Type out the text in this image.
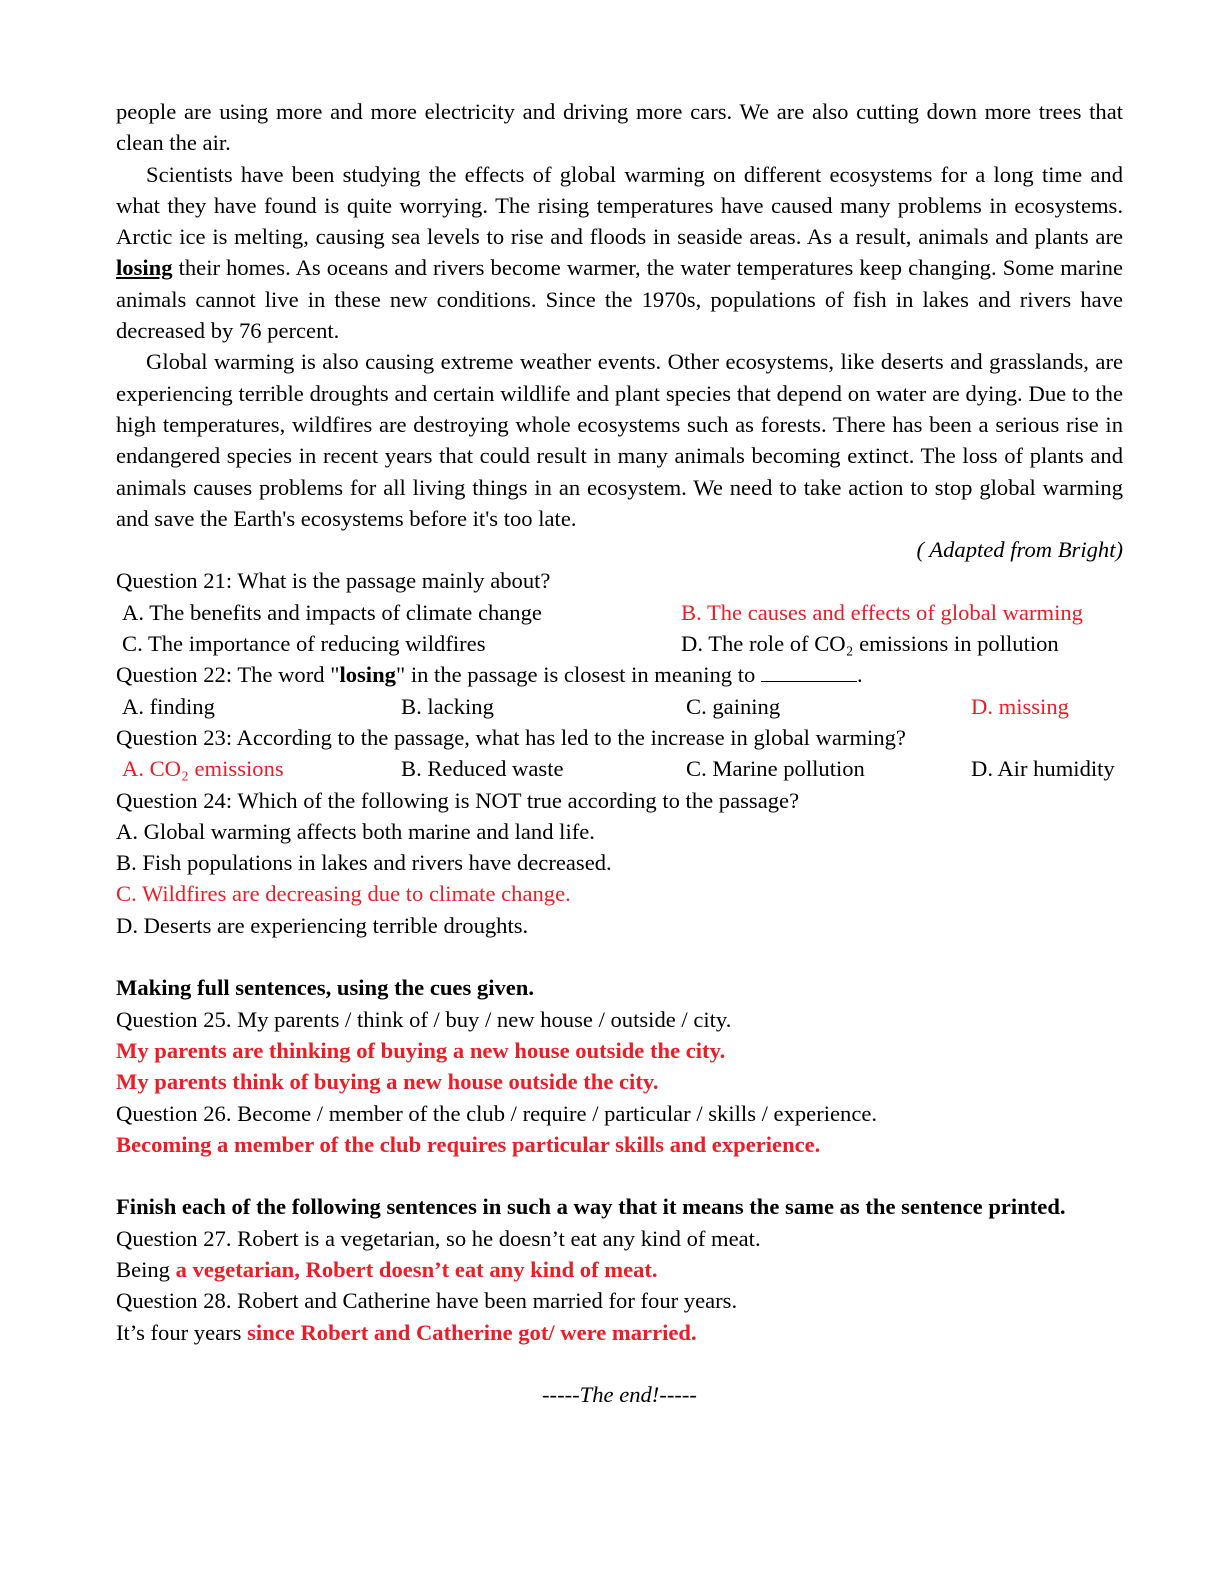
people are using more and more electricity and driving more cars. We are also cutting down more trees that clean the air.

Scientists have been studying the effects of global warming on different ecosystems for a long time and what they have found is quite worrying. The rising temperatures have caused many problems in ecosystems. Arctic ice is melting, causing sea levels to rise and floods in seaside areas. As a result, animals and plants are losing their homes. As oceans and rivers become warmer, the water temperatures keep changing. Some marine animals cannot live in these new conditions. Since the 1970s, populations of fish in lakes and rivers have decreased by 76 percent.

Global warming is also causing extreme weather events. Other ecosystems, like deserts and grasslands, are experiencing terrible droughts and certain wildlife and plant species that depend on water are dying. Due to the high temperatures, wildfires are destroying whole ecosystems such as forests. There has been a serious rise in endangered species in recent years that could result in many animals becoming extinct. The loss of plants and animals causes problems for all living things in an ecosystem. We need to take action to stop global warming and save the Earth's ecosystems before it's too late.

( Adapted from Bright)

Question 21: What is the passage mainly about?

A. The benefits and impacts of climate change	B. The causes and effects of global warming
C. The importance of reducing wildfires	D. The role of CO₂ emissions in pollution

Question 22: The word "losing" in the passage is closest in meaning to	.

A. finding	B. lacking	C. gaining	D. missing

Question 23: According to the passage, what has led to the increase in global warming?

A. CO₂ emissions	B. Reduced waste	C. Marine pollution	D. Air humidity

Question 24: Which of the following is NOT true according to the passage?

A. Global warming affects both marine and land life.

B. Fish populations in lakes and rivers have decreased.

C. Wildfires are decreasing due to climate change.

D. Deserts are experiencing terrible droughts.

Making full sentences, using the cues given.

Question 25. My parents / think of / buy / new house / outside / city.

My parents are thinking of buying a new house outside the city.

My parents think of buying a new house outside the city.

Question 26. Become / member of the club / require / particular / skills / experience.

Becoming a member of the club requires particular skills and experience.

Finish each of the following sentences in such a way that it means the same as the sentence printed.

Question 27. Robert is a vegetarian, so he doesn’t eat any kind of meat.

Being a vegetarian, Robert doesn’t eat any kind of meat.

Question 28. Robert and Catherine have been married for four years.

It’s four years since Robert and Catherine got/ were married.

-----The end!-----
